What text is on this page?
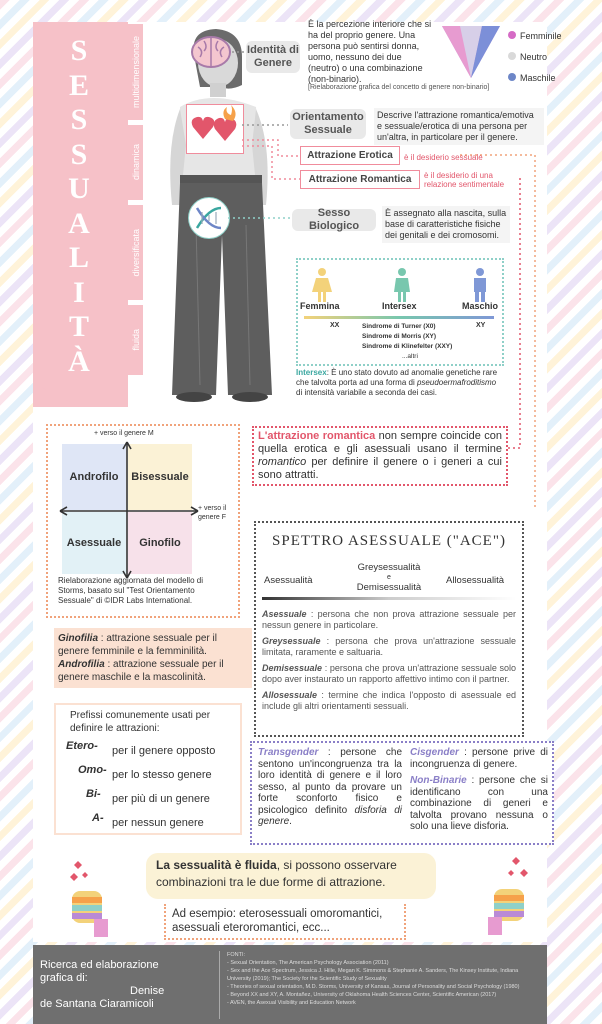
S
E
S
S
U
A
L
I
T
À
multidimensionale
dinamica
diversificata
fluida
Identità di Genere
È la percezione interiore che si ha del proprio genere. Una persona può sentirsi donna, uomo, nessuno dei due (neutro) o una combinazione (non-binario).
Femminile
Neutro
Maschile
[Rielaborazione grafica del concetto di genere non-binario]
Orientamento Sessuale
Descrive l'attrazione romantica/emotiva e sessuale/erotica di una persona per un'altra, in particolare per il genere.
Attrazione Erotica è il desiderio sessuale
Attrazione Romantica è il desiderio di una relazione sentimentale
Sesso Biologico
È assegnato alla nascita, sulla base di caratteristiche fisiche dei genitali e dei cromosomi.
Femmina	Intersex	Maschio
XX	XY
Sindrome di Turner (X0)
Sindrome di Morris (XY)
Sindrome di Klinefelter (XXY)
...altri
Intersex: È uno stato dovuto ad anomalie genetiche rare che talvolta porta ad una forma di pseudoermafroditismo di intensità variabile a seconda dei casi.
L'attrazione romantica non sempre coincide con quella erotica e gli asessuali usano il termine romantico per definire il genere o i generi a cui sono attratti.
+ verso il genere M
Androfilo	Bisessuale
Asessuale	Ginofilo
+ verso il genere F
Rielaborazione aggiornata del modello di Storms, basato sul "Test Orientamento Sessuale" di ©IDR Labs International.
SPETTRO ASESSUALE ("ACE")
Asessualità
Greysessualità
e
Demisessualità
Allosessualità
Asessuale : persona che non prova attrazione sessuale per nessun genere in particolare.
Greysessuale : persona che prova un'attrazione sessuale limitata, raramente e saltuaria.
Demisessuale : persona che prova un'attrazione sessuale solo dopo aver instaurato un rapporto affettivo intimo con il partner.
Allosessuale : termine che indica l'opposto di asessuale ed include gli altri orientamenti sessuali.
Ginofilia : attrazione sessuale per il genere femminile e la femminilità.
Androfilia : attrazione sessuale per il genere maschile e la mascolinità.
Prefissi comunemente usati per definire le attrazioni:
Etero- per il genere opposto
Omo- per lo stesso genere
Bi- per più di un genere
A- per nessun genere
Transgender : persone che sentono un'incongruenza tra la loro identità di genere e il loro sesso, al punto da provare un forte sconforto fisico e psicologico definito disforia di genere.
Cisgender : persone prive di incongruenza di genere.
Non-Binarie : persone che si identificano con una combinazione di generi e talvolta provano nessuna o solo una lieve disforia.
La sessualità è fluida, si possono osservare combinazioni tra le due forme di attrazione.
Ad esempio: eterosessuali omoromantici, asessuali eteroromantici, ecc...
Ricerca ed elaborazione
grafica di:
Denise
de Santana Ciaramicoli
FONTI:
- Sexual Orientation, The American Psychology Association (2011)
- Sex and the Ace Spectrum, Jessica J. Hille, Megan K. Simmons & Stephanie A. Sanders, The Kinsey Institute, Indiana University (2019); The Society for the Scientific Study of Sexuality
- Theories of sexual orientation, M.D. Storms, University of Kansas, Journal of Personality and Social Psychology (1980)
- Beyond XX and XY, A. Montañez, University of Oklahoma Health Sciences Center, Scientific American (2017)
- AVEN, the Asexual Visibility and Education Network
